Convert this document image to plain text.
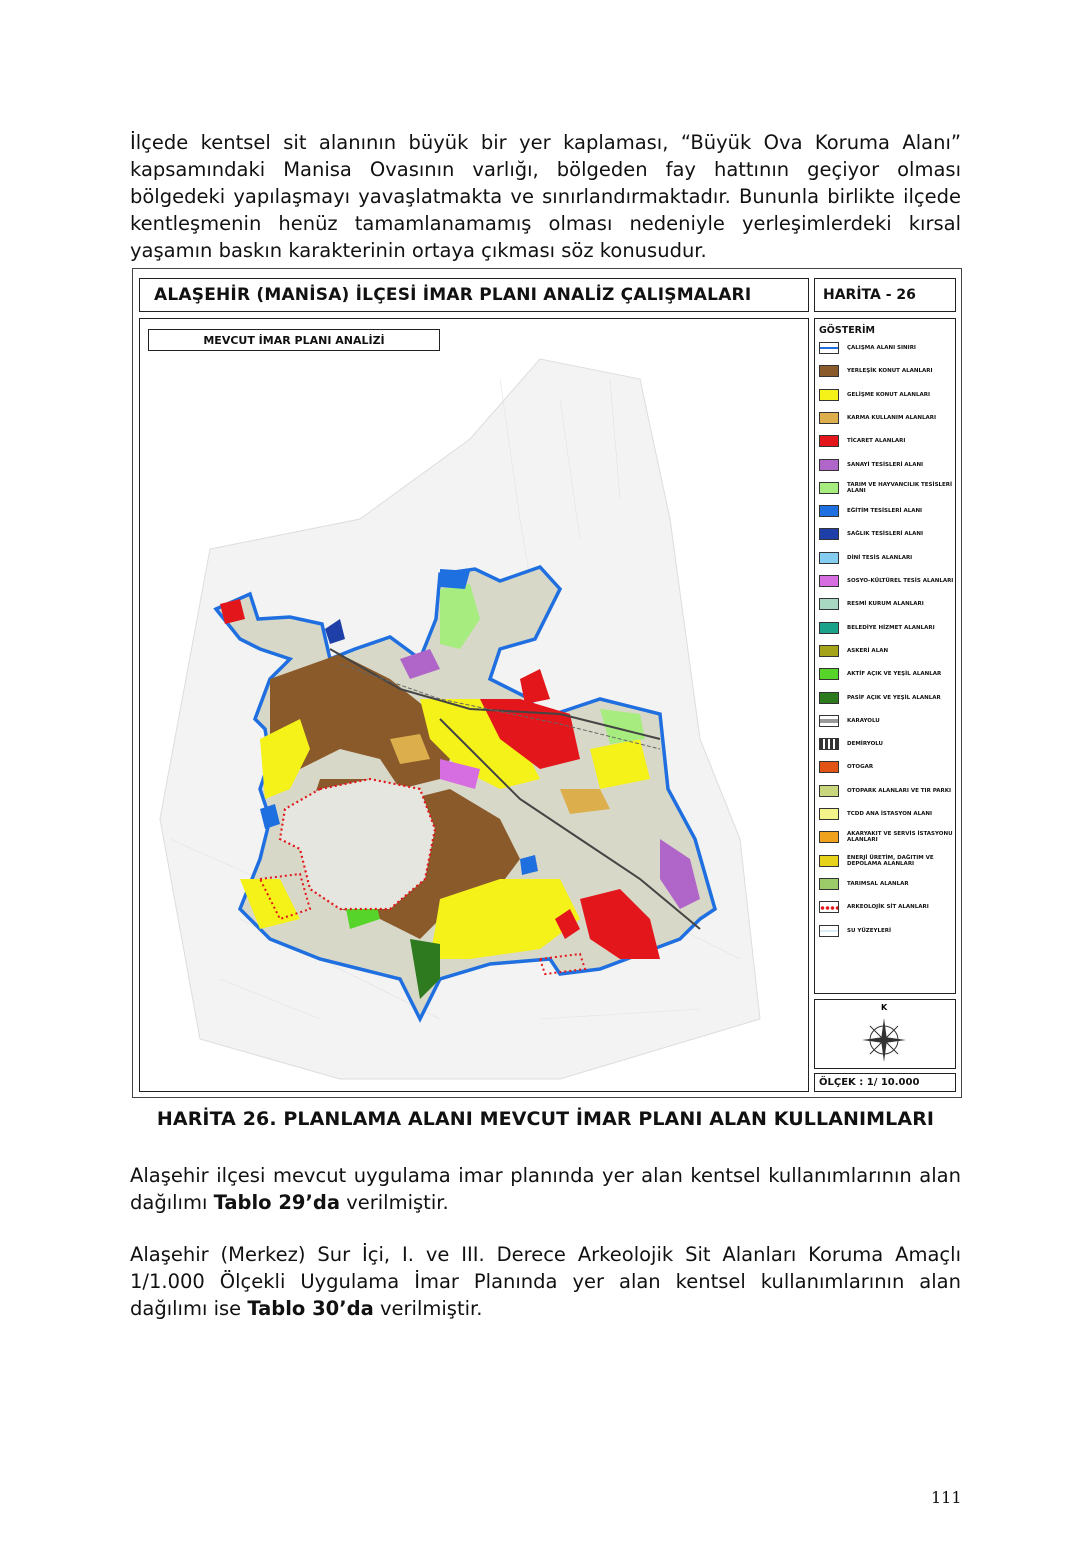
İlçede kentsel sit alanının büyük bir yer kaplaması, “Büyük Ova Koruma Alanı” kapsamındaki Manisa Ovasının varlığı, bölgeden fay hattının geçiyor olması bölgedeki yapılaşmayı yavaşlatmakta ve sınırlandırmaktadır. Bununla birlikte ilçede kentleşmenin henüz tamamlanamamış olması nedeniyle yerleşimlerdeki kırsal yaşamın baskın karakterinin ortaya çıkması söz konusudur.

ALAŞEHİR (MANİSA) İLÇESİ İMAR PLANI ANALİZ ÇALIŞMALARI	HARİTA - 26
MEVCUT İMAR PLANI ANALİZİ
GÖSTERİM
ÇALIŞMA ALANI SINIRI
YERLEŞİK KONUT ALANLARI
GELİŞME KONUT ALANLARI
KARMA KULLANIM ALANLARI
TİCARET ALANLARI
SANAYİ TESİSLERİ ALANI
TARIM VE HAYVANCILIK TESİSLERİ ALANI
EĞİTİM TESİSLERİ ALANI
SAĞLIK TESİSLERİ ALANI
DİNİ TESİS ALANLARI
SOSYO-KÜLTÜREL TESİS ALANLARI
RESMİ KURUM ALANLARI
BELEDİYE HİZMET ALANLARI
ASKERİ ALAN
AKTİF AÇIK VE YEŞİL ALANLAR
PASİF AÇIK VE YEŞİL ALANLAR
KARAYOLU
DEMİRYOLU
OTOGAR
OTOPARK ALANLARI VE TIR PARKI
TCDD ANA İSTASYON ALANI
AKARYAKIT VE SERVİS İSTASYONU ALANLARI
ENERJİ ÜRETİM, DAĞITIM VE DEPOLAMA ALANLARI
TARIMSAL ALANLAR
ARKEOLOJİK SİT ALANLARI
SU YÜZEYLERİ
K
ÖLÇEK : 1/ 10.000
HARİTA 26. PLANLAMA ALANI MEVCUT İMAR PLANI ALAN KULLANIMLARI

Alaşehir ilçesi mevcut uygulama imar planında yer alan kentsel kullanımlarının alan dağılımı Tablo 29’da verilmiştir.

Alaşehir (Merkez) Sur İçi, I. ve III. Derece Arkeolojik Sit Alanları Koruma Amaçlı 1/1.000 Ölçekli Uygulama İmar Planında yer alan kentsel kullanımlarının alan dağılımı ise Tablo 30’da verilmiştir.

111
